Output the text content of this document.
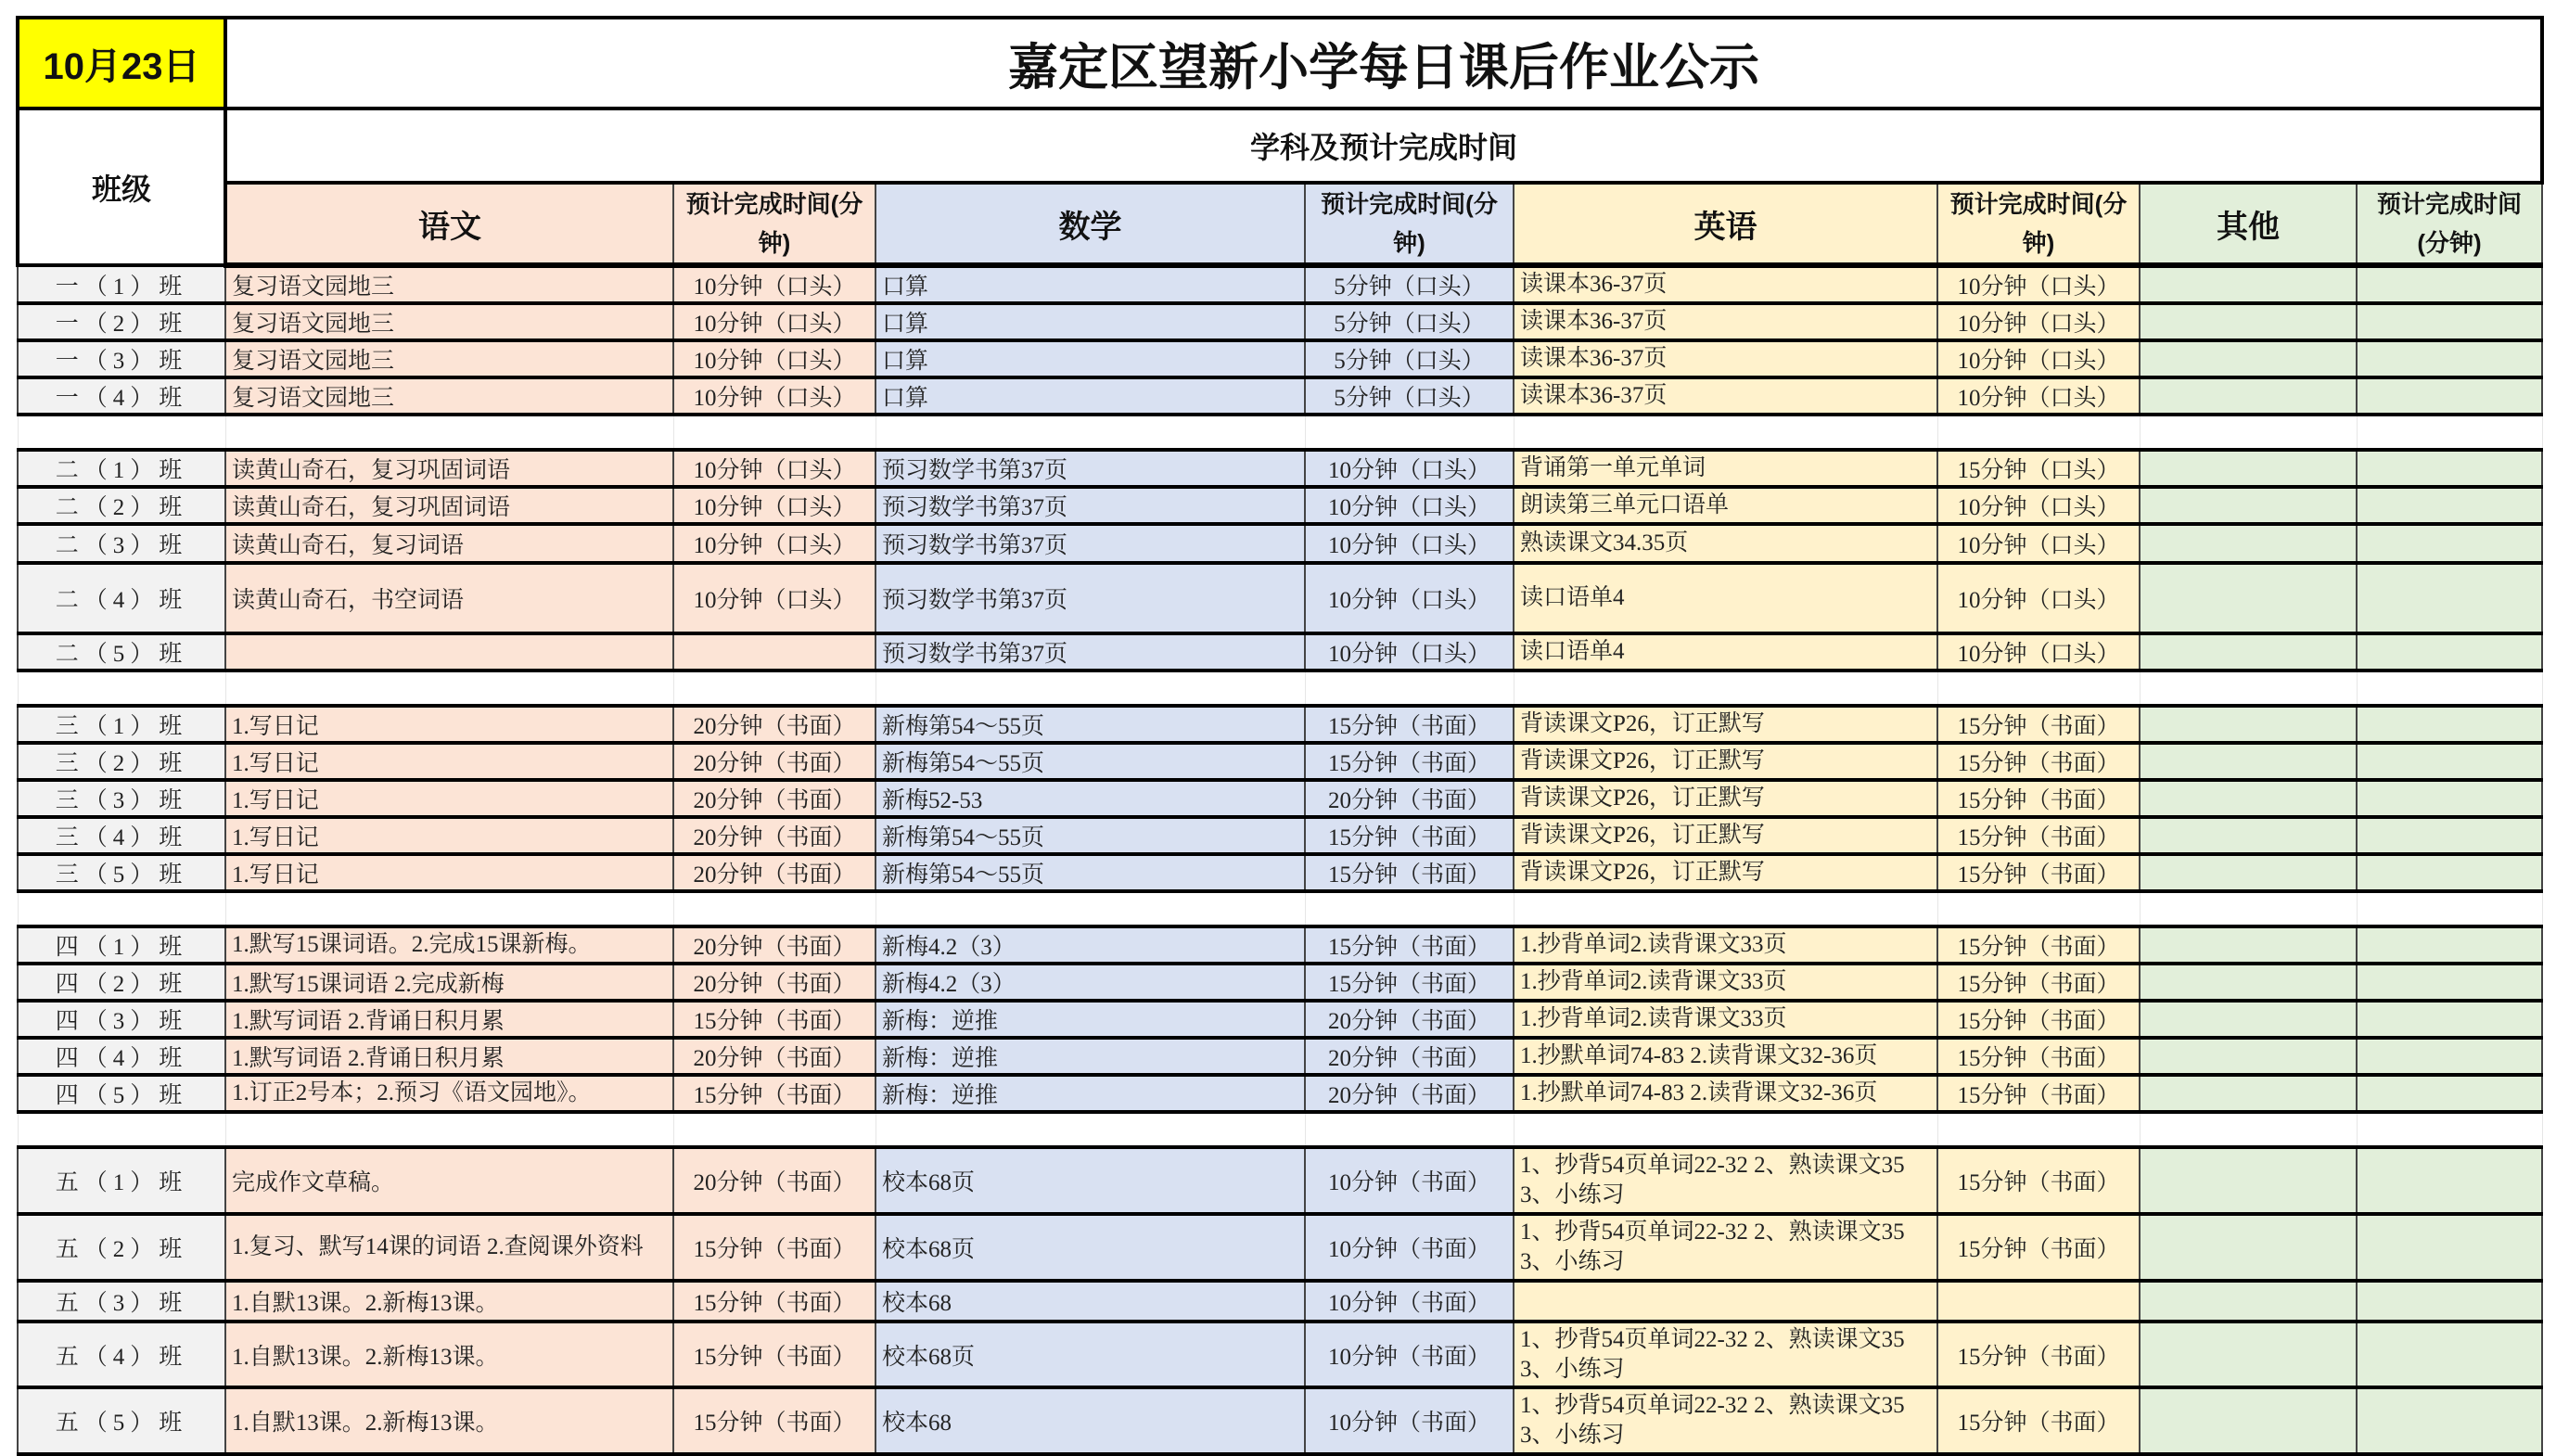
10月23日	嘉定区望新小学每日课后作业公示							
班级	学科及预计完成时间							
	语文	预计完成时间(分钟)	数学	预计完成时间(分钟)	英语	预计完成时间(分钟)	其他	预计完成时间(分钟)
一（1）班	复习语文园地三	10分钟（口头）	口算	5分钟（口头）	读课本36-37页	10分钟（口头）		
一（2）班	复习语文园地三	10分钟（口头）	口算	5分钟（口头）	读课本36-37页	10分钟（口头）		
一（3）班	复习语文园地三	10分钟（口头）	口算	5分钟（口头）	读课本36-37页	10分钟（口头）		
一（4）班	复习语文园地三	10分钟（口头）	口算	5分钟（口头）	读课本36-37页	10分钟（口头）		

二（1）班	读黄山奇石，复习巩固词语	10分钟（口头）	预习数学书第37页	10分钟（口头）	背诵第一单元单词	15分钟（口头）		
二（2）班	读黄山奇石，复习巩固词语	10分钟（口头）	预习数学书第37页	10分钟（口头）	朗读第三单元口语单	10分钟（口头）		
二（3）班	读黄山奇石，复习词语	10分钟（口头）	预习数学书第37页	10分钟（口头）	熟读课文34.35页	10分钟（口头）		
二（4）班	读黄山奇石，书空词语	10分钟（口头）	预习数学书第37页	10分钟（口头）	读口语单4	10分钟（口头）		
二（5）班			预习数学书第37页	10分钟（口头）	读口语单4	10分钟（口头）		

三（1）班	1.写日记	20分钟（书面）	新梅第54～55页	15分钟（书面）	背读课文P26，订正默写	15分钟（书面）		
三（2）班	1.写日记	20分钟（书面）	新梅第54～55页	15分钟（书面）	背读课文P26，订正默写	15分钟（书面）		
三（3）班	1.写日记	20分钟（书面）	新梅52-53	20分钟（书面）	背读课文P26，订正默写	15分钟（书面）		
三（4）班	1.写日记	20分钟（书面）	新梅第54～55页	15分钟（书面）	背读课文P26，订正默写	15分钟（书面）		
三（5）班	1.写日记	20分钟（书面）	新梅第54～55页	15分钟（书面）	背读课文P26，订正默写	15分钟（书面）		

四（1）班	1.默写15课词语。2.完成15课新梅。	20分钟（书面）	新梅4.2（3）	15分钟（书面）	1.抄背单词2.读背课文33页	15分钟（书面）		
四（2）班	1.默写15课词语 2.完成新梅	20分钟（书面）	新梅4.2（3）	15分钟（书面）	1.抄背单词2.读背课文33页	15分钟（书面）		
四（3）班	1.默写词语 2.背诵日积月累	15分钟（书面）	新梅：逆推	20分钟（书面）	1.抄背单词2.读背课文33页	15分钟（书面）		
四（4）班	1.默写词语 2.背诵日积月累	20分钟（书面）	新梅：逆推	20分钟（书面）	1.抄默单词74-83 2.读背课文32-36页	15分钟（书面）		
四（5）班	1.订正2号本；2.预习《语文园地》。	15分钟（书面）	新梅：逆推	20分钟（书面）	1.抄默单词74-83 2.读背课文32-36页	15分钟（书面）		

五（1）班	完成作文草稿。	20分钟（书面）	校本68页	10分钟（书面）	1、抄背54页单词22-32 2、熟读课文35 3、小练习	15分钟（书面）		
五（2）班	1.复习、默写14课的词语 2.查阅课外资料	15分钟（书面）	校本68页	10分钟（书面）	1、抄背54页单词22-32 2、熟读课文35 3、小练习	15分钟（书面）		
五（3）班	1.自默13课。2.新梅13课。	15分钟（书面）	校本68	10分钟（书面）				
五（4）班	1.自默13课。2.新梅13课。	15分钟（书面）	校本68页	10分钟（书面）	1、抄背54页单词22-32 2、熟读课文35 3、小练习	15分钟（书面）		
五（5）班	1.自默13课。2.新梅13课。	15分钟（书面）	校本68	10分钟（书面）	1、抄背54页单词22-32 2、熟读课文35 3、小练习	15分钟（书面）		
